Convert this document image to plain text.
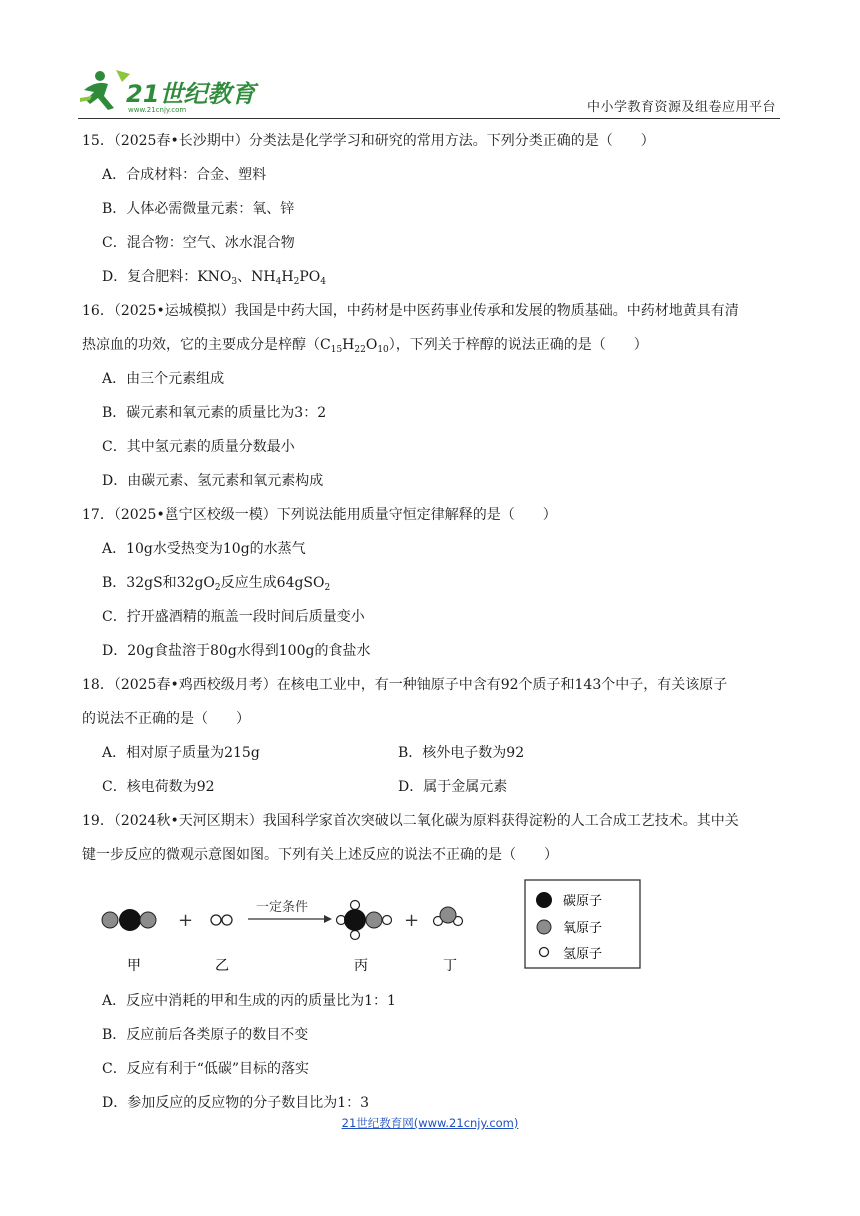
21世纪教育
www.21cnjy.com	中小学教育资源及组卷应用平台
15．（2025春•长沙期中）分类法是化学学习和研究的常用方法。下列分类正确的是（　　）
A．合成材料：合金、塑料
B．人体必需微量元素：氧、锌
C．混合物：空气、冰水混合物
D．复合肥料：$KNO_3$、$NH_4H_2PO_4$
16．（2025•运城模拟）我国是中药大国，中药材是中医药事业传承和发展的物质基础。中药材地黄具有清
热凉血的功效，它的主要成分是梓醇$(C_{15}H_{22}O_{10})$，下列关于梓醇的说法正确的是（　　）
A．由三个元素组成
B．碳元素和氧元素的质量比为3：2
C．其中氢元素的质量分数最小
D．由碳元素、氢元素和氧元素构成
17．（2025•邕宁区校级一模）下列说法能用质量守恒定律解释的是（　　）
A．10g水受热变为10g的水蒸气
B．32gS和$32gO_2$反应生成64gSO$_2$
C．拧开盛酒精的瓶盖一段时间后质量变小
D．20g食盐溶于80g水得到100g的食盐水
18．（2025春•鸡西校级月考）在核电工业中，有一种铀原子中含有92个质子和143个中子，有关该原子
的说法不正确的是（　　）
A．相对原子质量为215g	B．核外电子数为92
C．核电荷数为92	D．属于金属元素
19．（2024秋•天河区期末）我国科学家首次突破以二氧化碳为原料获得淀粉的人工合成工艺技术。其中关
键一步反应的微观示意图如图。下列有关上述反应的说法不正确的是（　　）
+
一定条件
+
甲	乙	丙	丁
碳原子
氧原子
氢原子
A．反应中消耗的甲和生成的丙的质量比为1：1
B．反应前后各类原子的数目不变
C．反应有利于“低碳”目标的落实
D．参加反应的反应物的分子数目比为1：3
21世纪教育网(www.21cnjy.com)
